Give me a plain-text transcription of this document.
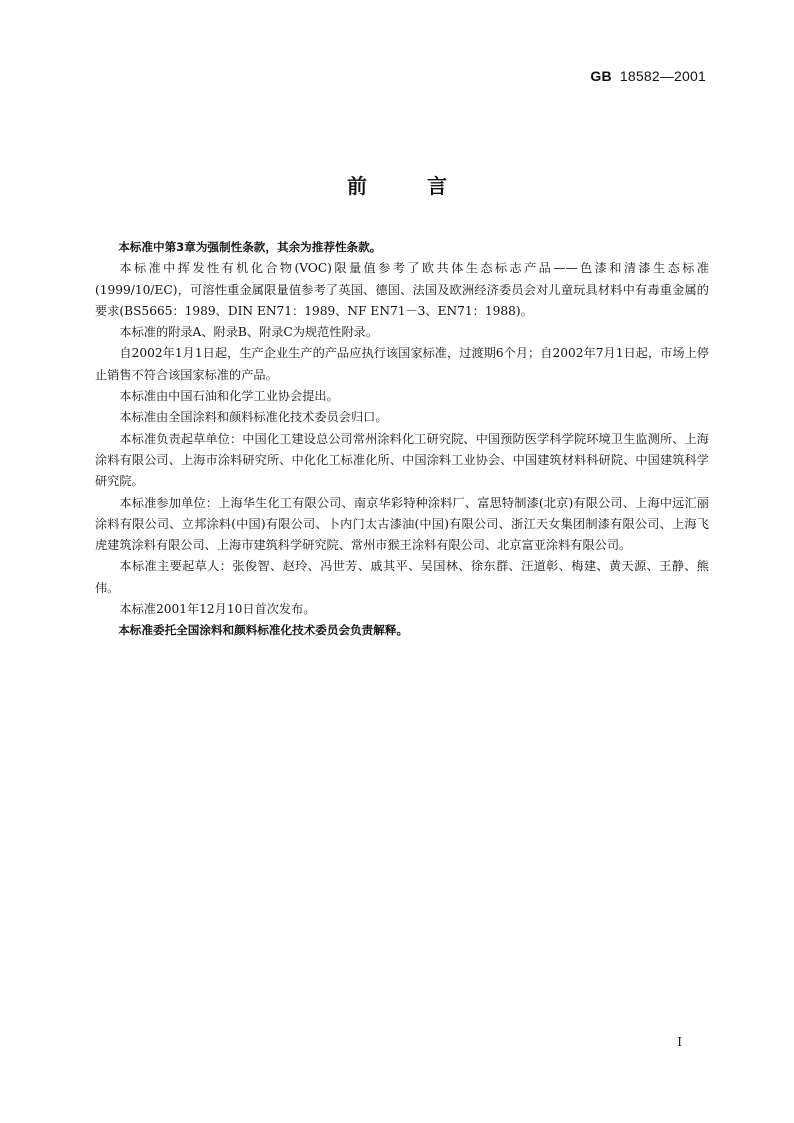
GB 18582—2001
前言

本标准中第3章为强制性条款，其余为推荐性条款。

本标准中挥发性有机化合物(VOC)限量值参考了欧共体生态标志产品——色漆和清漆生态标准(1999/10/EC)，可溶性重金属限量值参考了英国、德国、法国及欧洲经济委员会对儿童玩具材料中有毒重金属的要求(BS5665：1989、DIN EN71：1989、NF EN71－3、EN71：1988)。

本标准的附录A、附录B、附录C为规范性附录。

自2002年1月1日起，生产企业生产的产品应执行该国家标准，过渡期6个月；自2002年7月1日起，市场上停止销售不符合该国家标准的产品。

本标准由中国石油和化学工业协会提出。

本标准由全国涂料和颜料标准化技术委员会归口。

本标准负责起草单位：中国化工建设总公司常州涂料化工研究院、中国预防医学科学院环境卫生监测所、上海涂料有限公司、上海市涂料研究所、中化化工标准化所、中国涂料工业协会、中国建筑材料科研院、中国建筑科学研究院。

本标准参加单位：上海华生化工有限公司、南京华彩特种涂料厂、富思特制漆(北京)有限公司、上海中远汇丽涂料有限公司、立邦涂料(中国)有限公司、卜内门太古漆油(中国)有限公司、浙江天女集团制漆有限公司、上海飞虎建筑涂料有限公司、上海市建筑科学研究院、常州市猴王涂料有限公司、北京富亚涂料有限公司。

本标准主要起草人：张俊智、赵玲、冯世芳、戚其平、吴国林、徐东群、汪道彰、梅建、黄天源、王静、熊伟。

本标准2001年12月10日首次发布。

本标准委托全国涂料和颜料标准化技术委员会负责解释。

I
